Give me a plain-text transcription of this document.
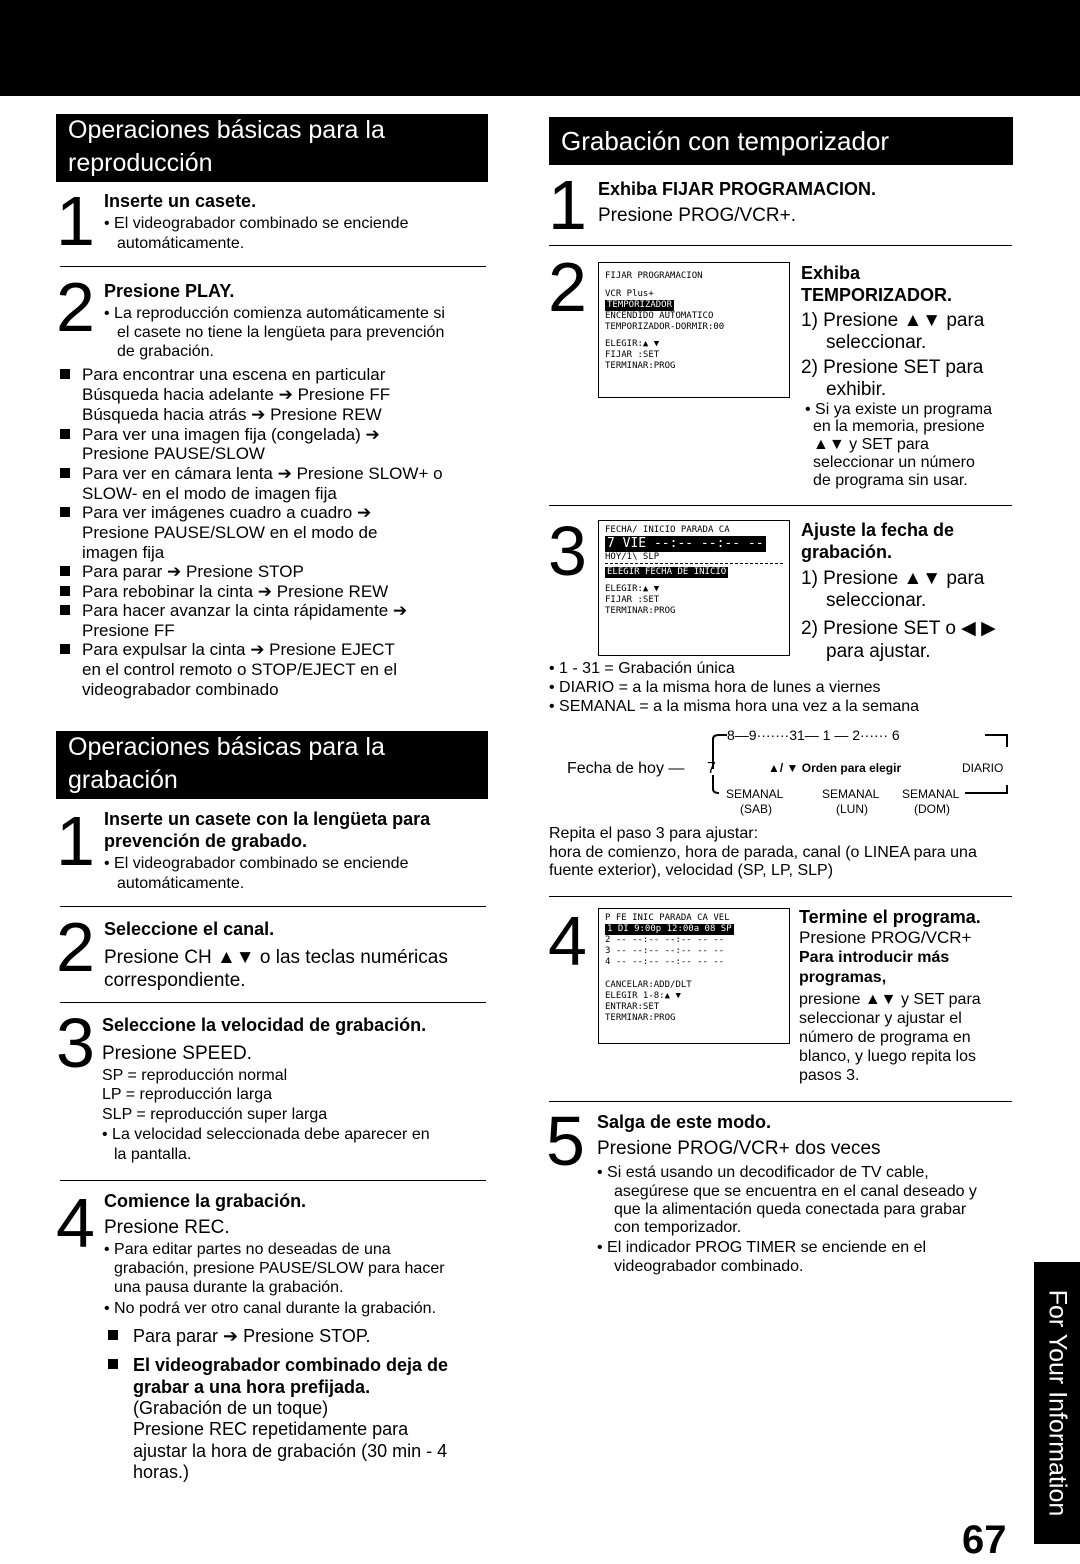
Operaciones básicas para la
reproducción
1 Inserte un casete.
• El videograbador combinado se enciende
automáticamente.
2 Presione PLAY.
• La reproducción comienza automáticamente si
el casete no tiene la lengüeta para prevención
de grabación.
Para encontrar una escena en particular
Búsqueda hacia adelante ➔ Presione FF
Búsqueda hacia atrás ➔ Presione REW
Para ver una imagen fija (congelada) ➔
Presione PAUSE/SLOW
Para ver en cámara lenta ➔ Presione SLOW+ o
SLOW- en el modo de imagen fija
Para ver imágenes cuadro a cuadro ➔
Presione PAUSE/SLOW en el modo de
imagen fija
Para parar ➔ Presione STOP
Para rebobinar la cinta ➔ Presione REW
Para hacer avanzar la cinta rápidamente ➔
Presione FF
Para expulsar la cinta ➔ Presione EJECT
en el control remoto o STOP/EJECT en el
videograbador combinado
Operaciones básicas para la
grabación
1 Inserte un casete con la lengüeta para
prevención de grabado.
• El videograbador combinado se enciende
automáticamente.
2 Seleccione el canal.
Presione CH ▲▼ o las teclas numéricas
correspondiente.
3 Seleccione la velocidad de grabación.
Presione SPEED.
SP = reproducción normal
LP = reproducción larga
SLP = reproducción super larga
• La velocidad seleccionada debe aparecer en
la pantalla.
4 Comience la grabación.
Presione REC.
• Para editar partes no deseadas de una
grabación, presione PAUSE/SLOW para hacer
una pausa durante la grabación.
• No podrá ver otro canal durante la grabación.
Para parar ➔ Presione STOP.
El videograbador combinado deja de
grabar a una hora prefijada.
(Grabación de un toque)
Presione REC repetidamente para
ajustar la hora de grabación (30 min - 4
horas.)
Grabación con temporizador
1 Exhiba FIJAR PROGRAMACION.
Presione PROG/VCR+.
2 FIJAR PROGRAMACION
VCR Plus+
TEMPORIZADOR
ENCENDIDO AUTOMATICO
TEMPORIZADOR-DORMIR:00
ELEGIR:▲ ▼
FIJAR :SET
TERMINAR:PROG
Exhiba
TEMPORIZADOR.
1) Presione ▲▼ para
seleccionar.
2) Presione SET para
exhibir.
• Si ya existe un programa
en la memoria, presione
▲▼ y SET para
seleccionar un número
de programa sin usar.
3 FECHA/ INICIO PARADA CA
7 VIE --:-- --:-- --
HOY/1\ SLP
ELEGIR FECHA DE INICIO
ELEGIR:▲ ▼
FIJAR :SET
TERMINAR:PROG
Ajuste la fecha de
grabación.
1) Presione ▲▼ para
seleccionar.
2) Presione SET o ◀ ▶
para ajustar.
• 1 - 31 = Grabación única
• DIARIO = a la misma hora de lunes a viernes
• SEMANAL = a la misma hora una vez a la semana
8—9·······31— 1 — 2······ 6
Fecha de hoy — 7	▲/ ▼ Orden para elegir	DIARIO
SEMANAL	SEMANAL SEMANAL
(SAB)	(LUN)	(DOM)
Repita el paso 3 para ajustar:
hora de comienzo, hora de parada, canal (o LINEA para una
fuente exterior), velocidad (SP, LP, SLP)
4 P FE INIC PARADA CA VEL
1 DI 9:00p 12:00a 08 SP
2 -- --:-- --:-- -- --
3 -- --:-- --:-- -- --
4 -- --:-- --:-- -- --
CANCELAR:ADD/DLT
ELEGIR 1-8:▲ ▼
ENTRAR:SET
TERMINAR:PROG
Termine el programa.
Presione PROG/VCR+
Para introducir más
programas,
presione ▲▼ y SET para
seleccionar y ajustar el
número de programa en
blanco, y luego repita los
pasos 3.
5 Salga de este modo.
Presione PROG/VCR+ dos veces
• Si está usando un decodificador de TV cable,
asegúrese que se encuentra en el canal deseado y
que la alimentación queda conectada para grabar
con temporizador.
• El indicador PROG TIMER se enciende en el
videograbador combinado.
For Your Information
67
